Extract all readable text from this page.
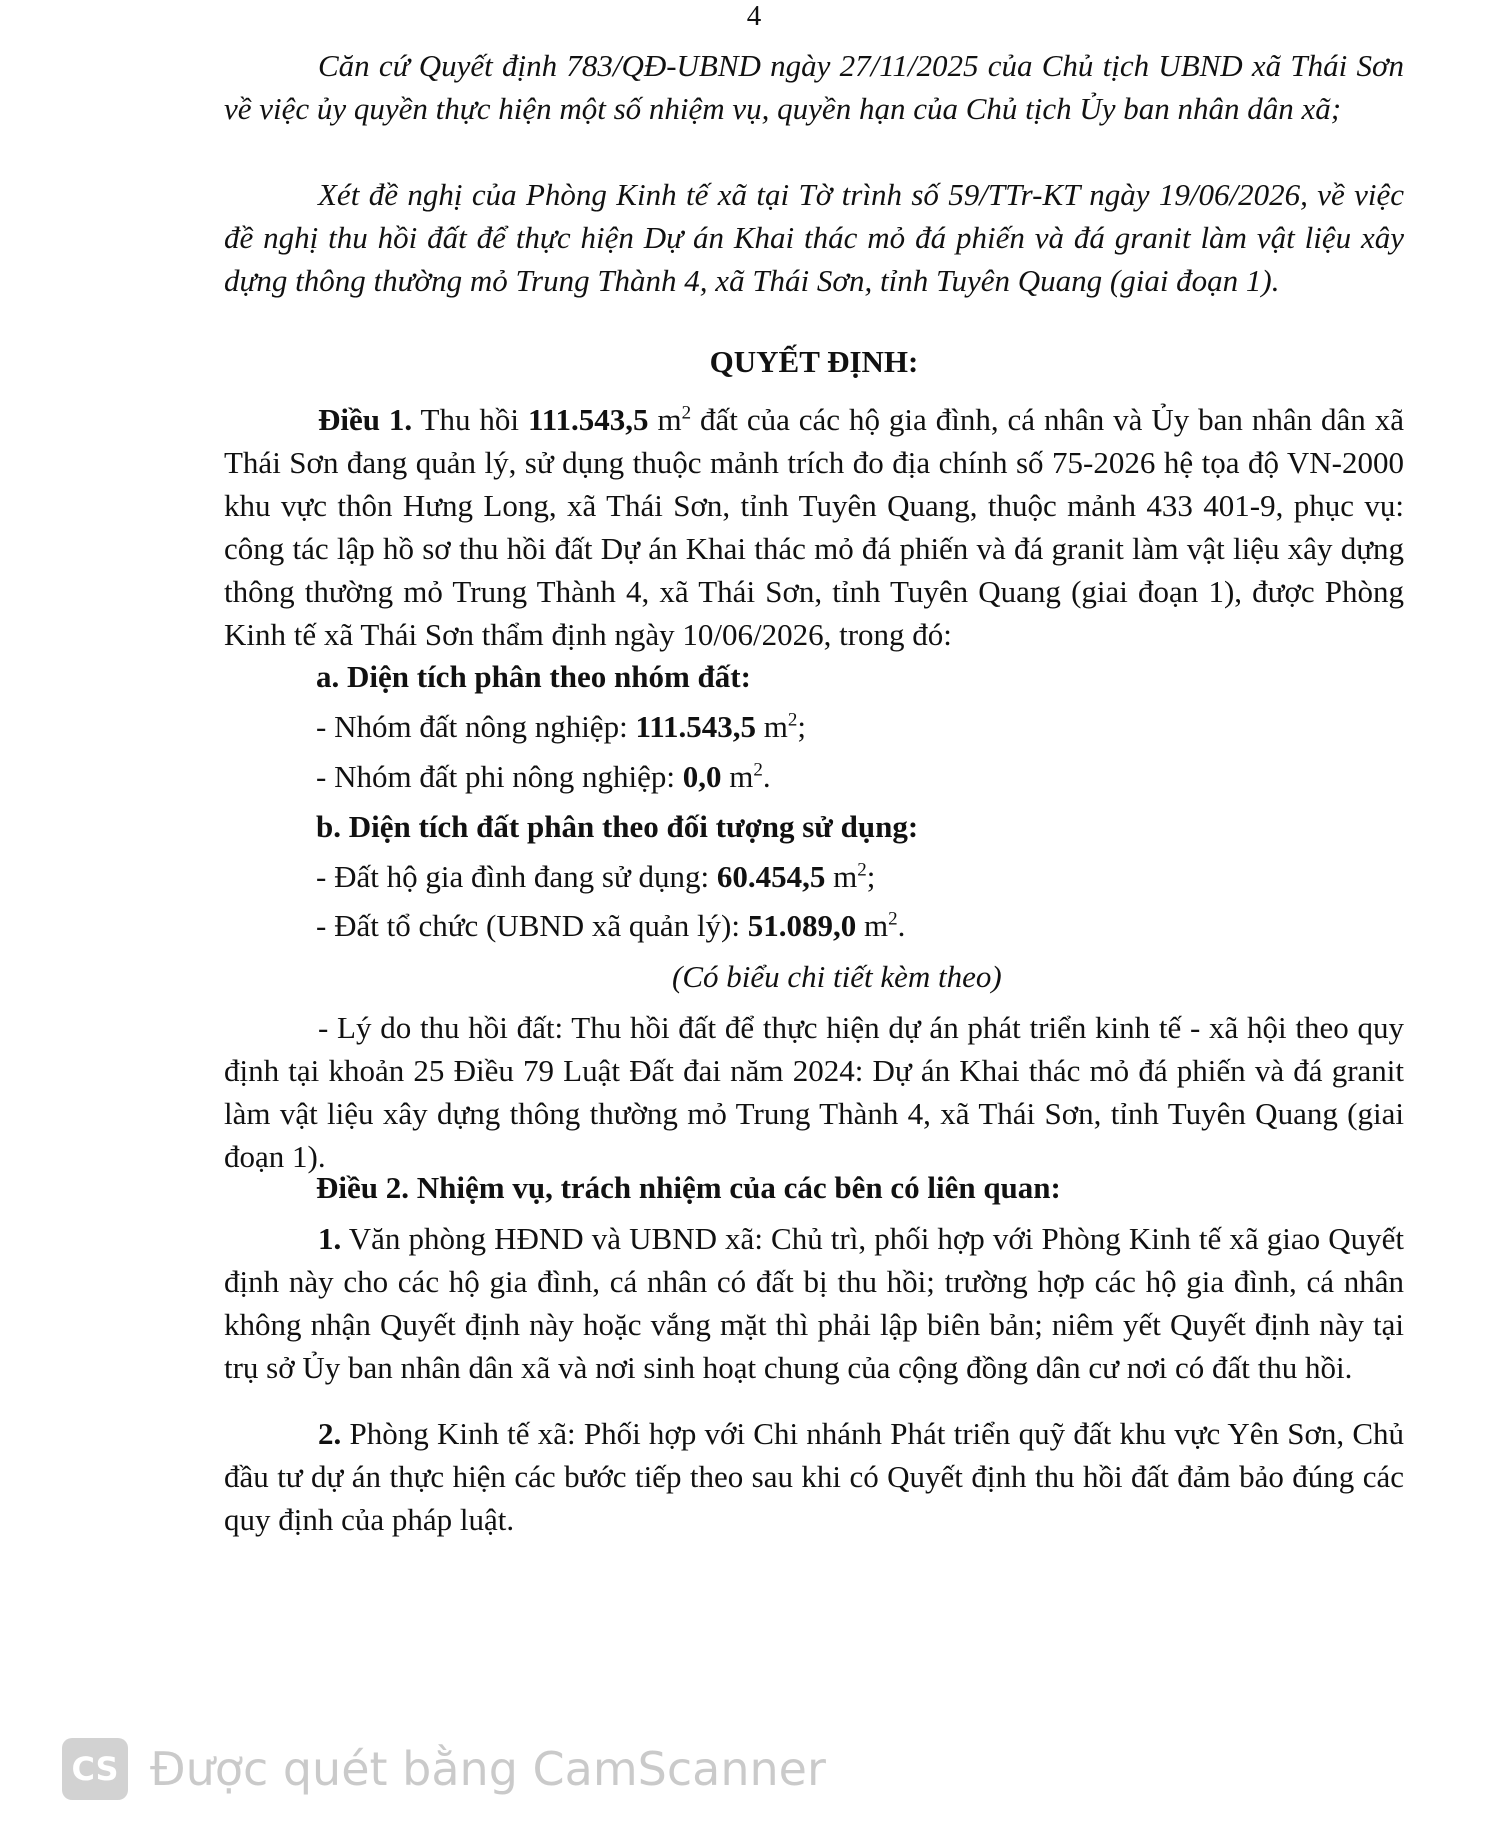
4

Căn cứ Quyết định 783/QĐ-UBND ngày 27/11/2025 của Chủ tịch UBND xã Thái Sơn về việc ủy quyền thực hiện một số nhiệm vụ, quyền hạn của Chủ tịch Ủy ban nhân dân xã;

Xét đề nghị của Phòng Kinh tế xã tại Tờ trình số 59/TTr-KT ngày 19/06/2026, về việc đề nghị thu hồi đất để thực hiện Dự án Khai thác mỏ đá phiến và đá granit làm vật liệu xây dựng thông thường mỏ Trung Thành 4, xã Thái Sơn, tỉnh Tuyên Quang (giai đoạn 1).

QUYẾT ĐỊNH:

Điều 1. Thu hồi 111.543,5 $m^2$ đất của các hộ gia đình, cá nhân và Ủy ban nhân dân xã Thái Sơn đang quản lý, sử dụng thuộc mảnh trích đo địa chính số 75-2026 hệ tọa độ VN-2000 khu vực thôn Hưng Long, xã Thái Sơn, tỉnh Tuyên Quang, thuộc mảnh 433 401-9, phục vụ: công tác lập hồ sơ thu hồi đất Dự án Khai thác mỏ đá phiến và đá granit làm vật liệu xây dựng thông thường mỏ Trung Thành 4, xã Thái Sơn, tỉnh Tuyên Quang (giai đoạn 1), được Phòng Kinh tế xã Thái Sơn thẩm định ngày 10/06/2026, trong đó:

a. Diện tích phân theo nhóm đất:

- Nhóm đất nông nghiệp: 111.543,5 $m^2$;

- Nhóm đất phi nông nghiệp: 0,0 $m^2$.

b. Diện tích đất phân theo đối tượng sử dụng:

- Đất hộ gia đình đang sử dụng: 60.454,5 $m^2$;

- Đất tổ chức (UBND xã quản lý): 51.089,0 $m^2$.

(Có biểu chi tiết kèm theo)

- Lý do thu hồi đất: Thu hồi đất để thực hiện dự án phát triển kinh tế - xã hội theo quy định tại khoản 25 Điều 79 Luật Đất đai năm 2024: Dự án Khai thác mỏ đá phiến và đá granit làm vật liệu xây dựng thông thường mỏ Trung Thành 4, xã Thái Sơn, tỉnh Tuyên Quang (giai đoạn 1).

Điều 2. Nhiệm vụ, trách nhiệm của các bên có liên quan:

1. Văn phòng HĐND và UBND xã: Chủ trì, phối hợp với Phòng Kinh tế xã giao Quyết định này cho các hộ gia đình, cá nhân có đất bị thu hồi; trường hợp các hộ gia đình, cá nhân không nhận Quyết định này hoặc vắng mặt thì phải lập biên bản; niêm yết Quyết định này tại trụ sở Ủy ban nhân dân xã và nơi sinh hoạt chung của cộng đồng dân cư nơi có đất thu hồi.

2. Phòng Kinh tế xã: Phối hợp với Chi nhánh Phát triển quỹ đất khu vực Yên Sơn, Chủ đầu tư dự án thực hiện các bước tiếp theo sau khi có Quyết định thu hồi đất đảm bảo đúng các quy định của pháp luật.

CS Được quét bằng CamScanner
